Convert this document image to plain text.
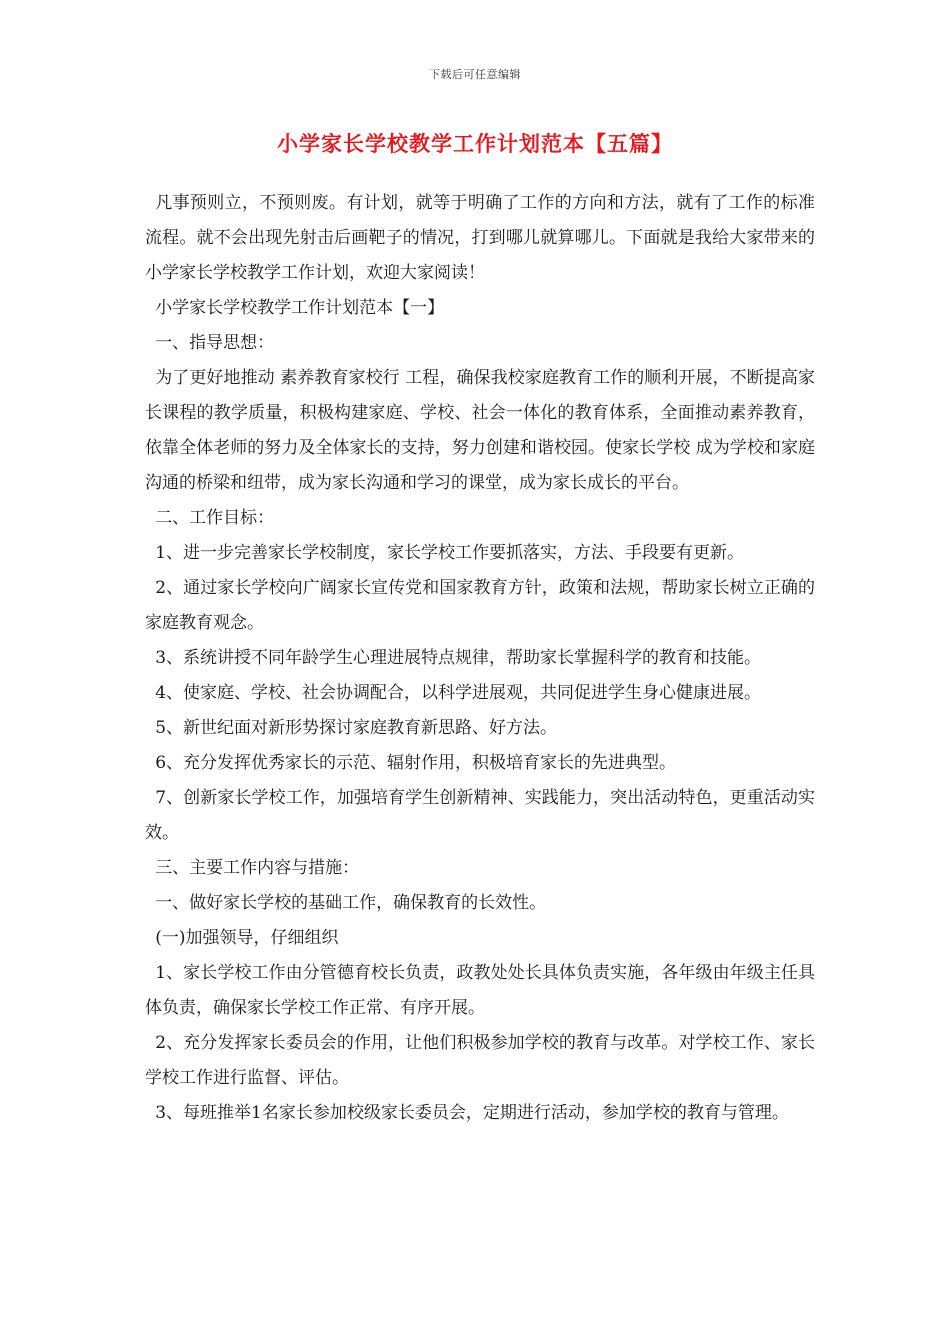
下载后可任意编辑
小学家长学校教学工作计划范本【五篇】

凡事预则立，不预则废。有计划，就等于明确了工作的方向和方法，就有了工作的标准流程。就不会出现先射击后画靶子的情况，打到哪儿就算哪儿。下面就是我给大家带来的小学家长学校教学工作计划，欢迎大家阅读！

小学家长学校教学工作计划范本【一】

一、指导思想：

为了更好地推动 素养教育家校行 工程，确保我校家庭教育工作的顺利开展，不断提高家长课程的教学质量，积极构建家庭、学校、社会一体化的教育体系，全面推动素养教育，依靠全体老师的努力及全体家长的支持，努力创建和谐校园。使家长学校 成为学校和家庭沟通的桥梁和纽带，成为家长沟通和学习的课堂，成为家长成长的平台。

二、工作目标：

1、进一步完善家长学校制度，家长学校工作要抓落实，方法、手段要有更新。

2、通过家长学校向广阔家长宣传党和国家教育方针，政策和法规，帮助家长树立正确的家庭教育观念。

3、系统讲授不同年龄学生心理进展特点规律，帮助家长掌握科学的教育和技能。

4、使家庭、学校、社会协调配合，以科学进展观，共同促进学生身心健康进展。

5、新世纪面对新形势探讨家庭教育新思路、好方法。

6、充分发挥优秀家长的示范、辐射作用，积极培育家长的先进典型。

7、创新家长学校工作，加强培育学生创新精神、实践能力，突出活动特色，更重活动实效。

三、主要工作内容与措施：

一、做好家长学校的基础工作，确保教育的长效性。

(一)加强领导，仔细组织

1、家长学校工作由分管德育校长负责，政教处处长具体负责实施，各年级由年级主任具体负责，确保家长学校工作正常、有序开展。

2、充分发挥家长委员会的作用，让他们积极参加学校的教育与改革。对学校工作、家长学校工作进行监督、评估。

3、每班推举1名家长参加校级家长委员会，定期进行活动，参加学校的教育与管理。
